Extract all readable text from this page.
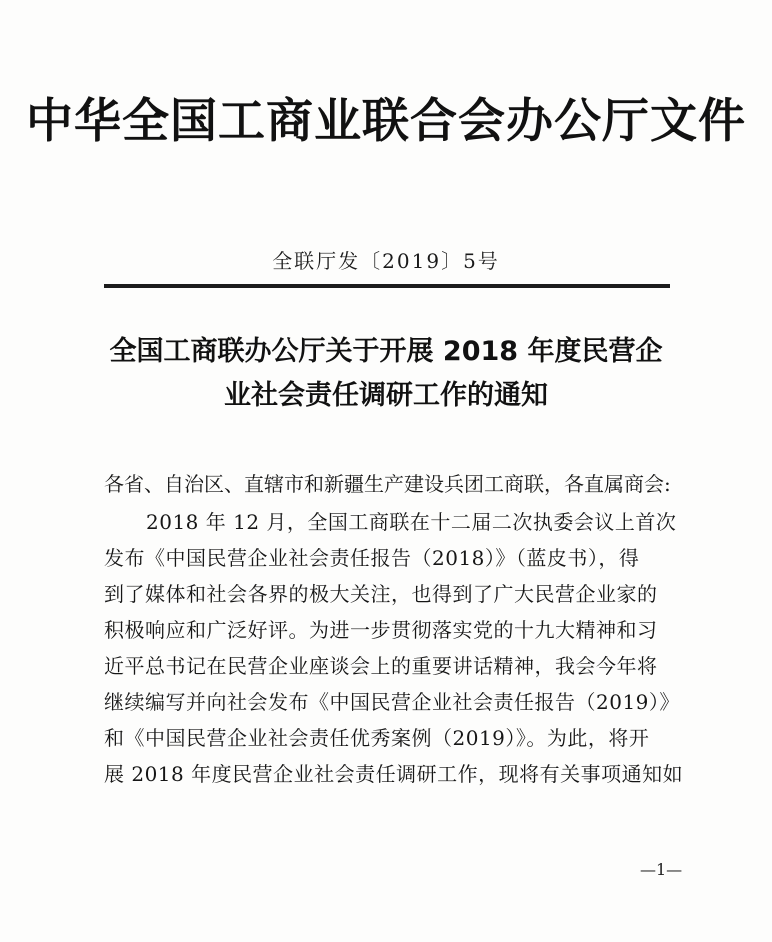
中华全国工商业联合会办公厅文件
全联厅发〔2019〕5号
全国工商联办公厅关于开展 2018 年度民营企
业社会责任调研工作的通知
各省、自治区、直辖市和新疆生产建设兵团工商联，各直属商会:
2018 年 12 月，全国工商联在十二届二次执委会议上首次
发布《中国民营企业社会责任报告（2018）》（蓝皮书），得
到了媒体和社会各界的极大关注，也得到了广大民营企业家的
积极响应和广泛好评。为进一步贯彻落实党的十九大精神和习
近平总书记在民营企业座谈会上的重要讲话精神，我会今年将
继续编写并向社会发布《中国民营企业社会责任报告（2019）》
和《中国民营企业社会责任优秀案例（2019）》。为此，将开
展 2018 年度民营企业社会责任调研工作，现将有关事项通知如
—1—
